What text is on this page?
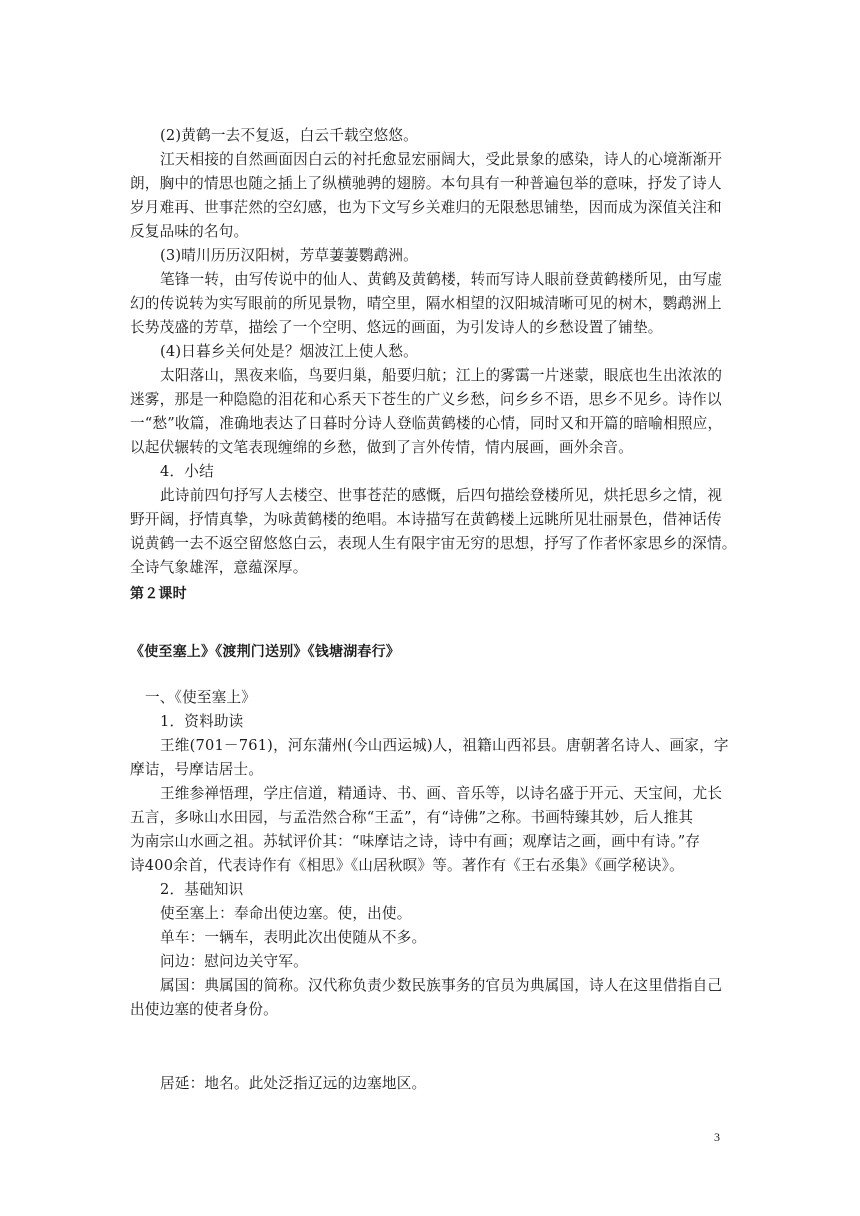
(2)黄鹤一去不复返，白云千载空悠悠。
江天相接的自然画面因白云的衬托愈显宏丽阔大，受此景象的感染，诗人的心境渐渐开
朗，胸中的情思也随之插上了纵横驰骋的翅膀。本句具有一种普遍包举的意味，抒发了诗人
岁月难再、世事茫然的空幻感，也为下文写乡关难归的无限愁思铺垫，因而成为深值关注和
反复品味的名句。
(3)晴川历历汉阳树，芳草萋萋鹦鹉洲。
笔锋一转，由写传说中的仙人、黄鹤及黄鹤楼，转而写诗人眼前登黄鹤楼所见，由写虚
幻的传说转为实写眼前的所见景物，晴空里，隔水相望的汉阳城清晰可见的树木，鹦鹉洲上
长势茂盛的芳草，描绘了一个空明、悠远的画面，为引发诗人的乡愁设置了铺垫。
(4)日暮乡关何处是？烟波江上使人愁。
太阳落山，黑夜来临，鸟要归巢，船要归航；江上的雾霭一片迷蒙，眼底也生出浓浓的
迷雾，那是一种隐隐的泪花和心系天下苍生的广义乡愁，问乡乡不语，思乡不见乡。诗作以
一“愁”收篇，准确地表达了日暮时分诗人登临黄鹤楼的心情，同时又和开篇的暗喻相照应，
以起伏辗转的文笔表现缠绵的乡愁，做到了言外传情，情内展画，画外余音。
4．小结
此诗前四句抒写人去楼空、世事苍茫的感慨，后四句描绘登楼所见，烘托思乡之情，视
野开阔，抒情真挚，为咏黄鹤楼的绝唱。本诗描写在黄鹤楼上远眺所见壮丽景色，借神话传
说黄鹤一去不返空留悠悠白云，表现人生有限宇宙无穷的思想，抒写了作者怀家思乡的深情。
全诗气象雄浑，意蕴深厚。
第２课时
《使至塞上》《渡荆门送别》《钱塘湖春行》
一、《使至塞上》
1．资料助读
王维(701－761)，河东蒲州(今山西运城)人，祖籍山西祁县。唐朝著名诗人、画家，字
摩诘，号摩诘居士。
王维参禅悟理，学庄信道，精通诗、书、画、音乐等，以诗名盛于开元、天宝间，尤长
五言，多咏山水田园，与孟浩然合称“王孟”，有“诗佛”之称。书画特臻其妙，后人推其
为南宗山水画之祖。苏轼评价其：“味摩诘之诗，诗中有画；观摩诘之画，画中有诗。”存
诗400余首，代表诗作有《相思》《山居秋暝》等。著作有《王右丞集》《画学秘诀》。
2．基础知识
使至塞上：奉命出使边塞。使，出使。
单车：一辆车，表明此次出使随从不多。
问边：慰问边关守军。
属国：典属国的简称。汉代称负责少数民族事务的官员为典属国，诗人在这里借指自己
出使边塞的使者身份。
居延：地名。此处泛指辽远的边塞地区。
3
